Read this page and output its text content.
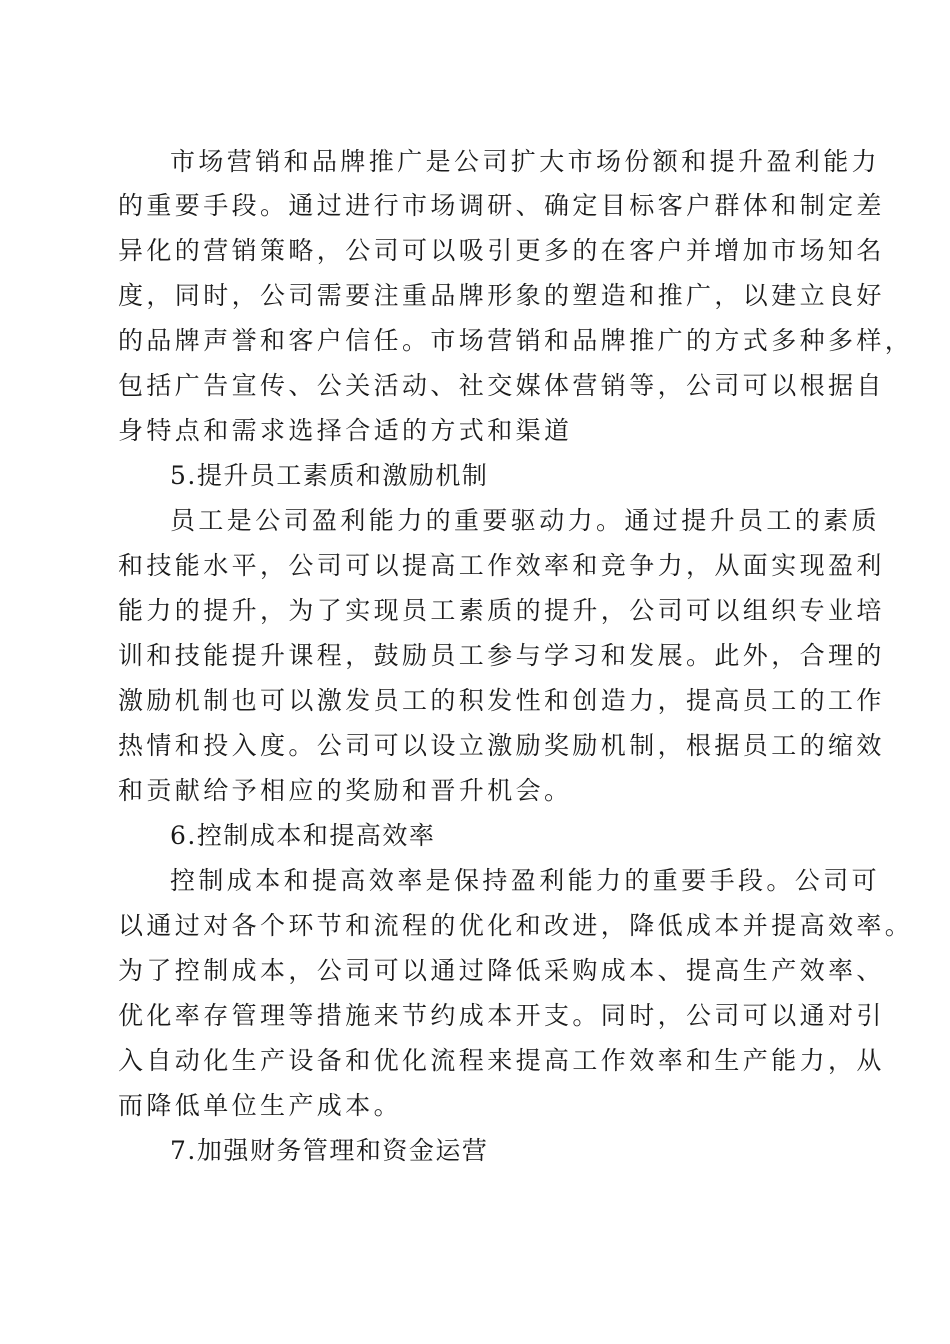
市场营销和品牌推广是公司扩大市场份额和提升盈利能力
的重要手段。通过进行市场调研、确定目标客户群体和制定差
异化的营销策略，公司可以吸引更多的在客户并增加市场知名
度，同时，公司需要注重品牌形象的塑造和推广，以建立良好
的品牌声誉和客户信任。市场营销和品牌推广的方式多种多样，
包括广告宣传、公关活动、社交媒体营销等，公司可以根据自
身特点和需求选择合适的方式和渠道
5.提升员工素质和激励机制
员工是公司盈利能力的重要驱动力。通过提升员工的素质
和技能水平，公司可以提高工作效率和竞争力，从面实现盈利
能力的提升，为了实现员工素质的提升，公司可以组织专业培
训和技能提升课程，鼓励员工参与学习和发展。此外，合理的
激励机制也可以激发员工的积发性和创造力，提高员工的工作
热情和投入度。公司可以设立激励奖励机制，根据员工的缩效
和贡献给予相应的奖励和晋升机会。
6.控制成本和提高效率
控制成本和提高效率是保持盈利能力的重要手段。公司可
以通过对各个环节和流程的优化和改进，降低成本并提高效率。
为了控制成本，公司可以通过降低采购成本、提高生产效率、
优化率存管理等措施来节约成本开支。同时，公司可以通对引
入自动化生产设备和优化流程来提高工作效率和生产能力，从
而降低单位生产成本。
7.加强财务管理和资金运营
